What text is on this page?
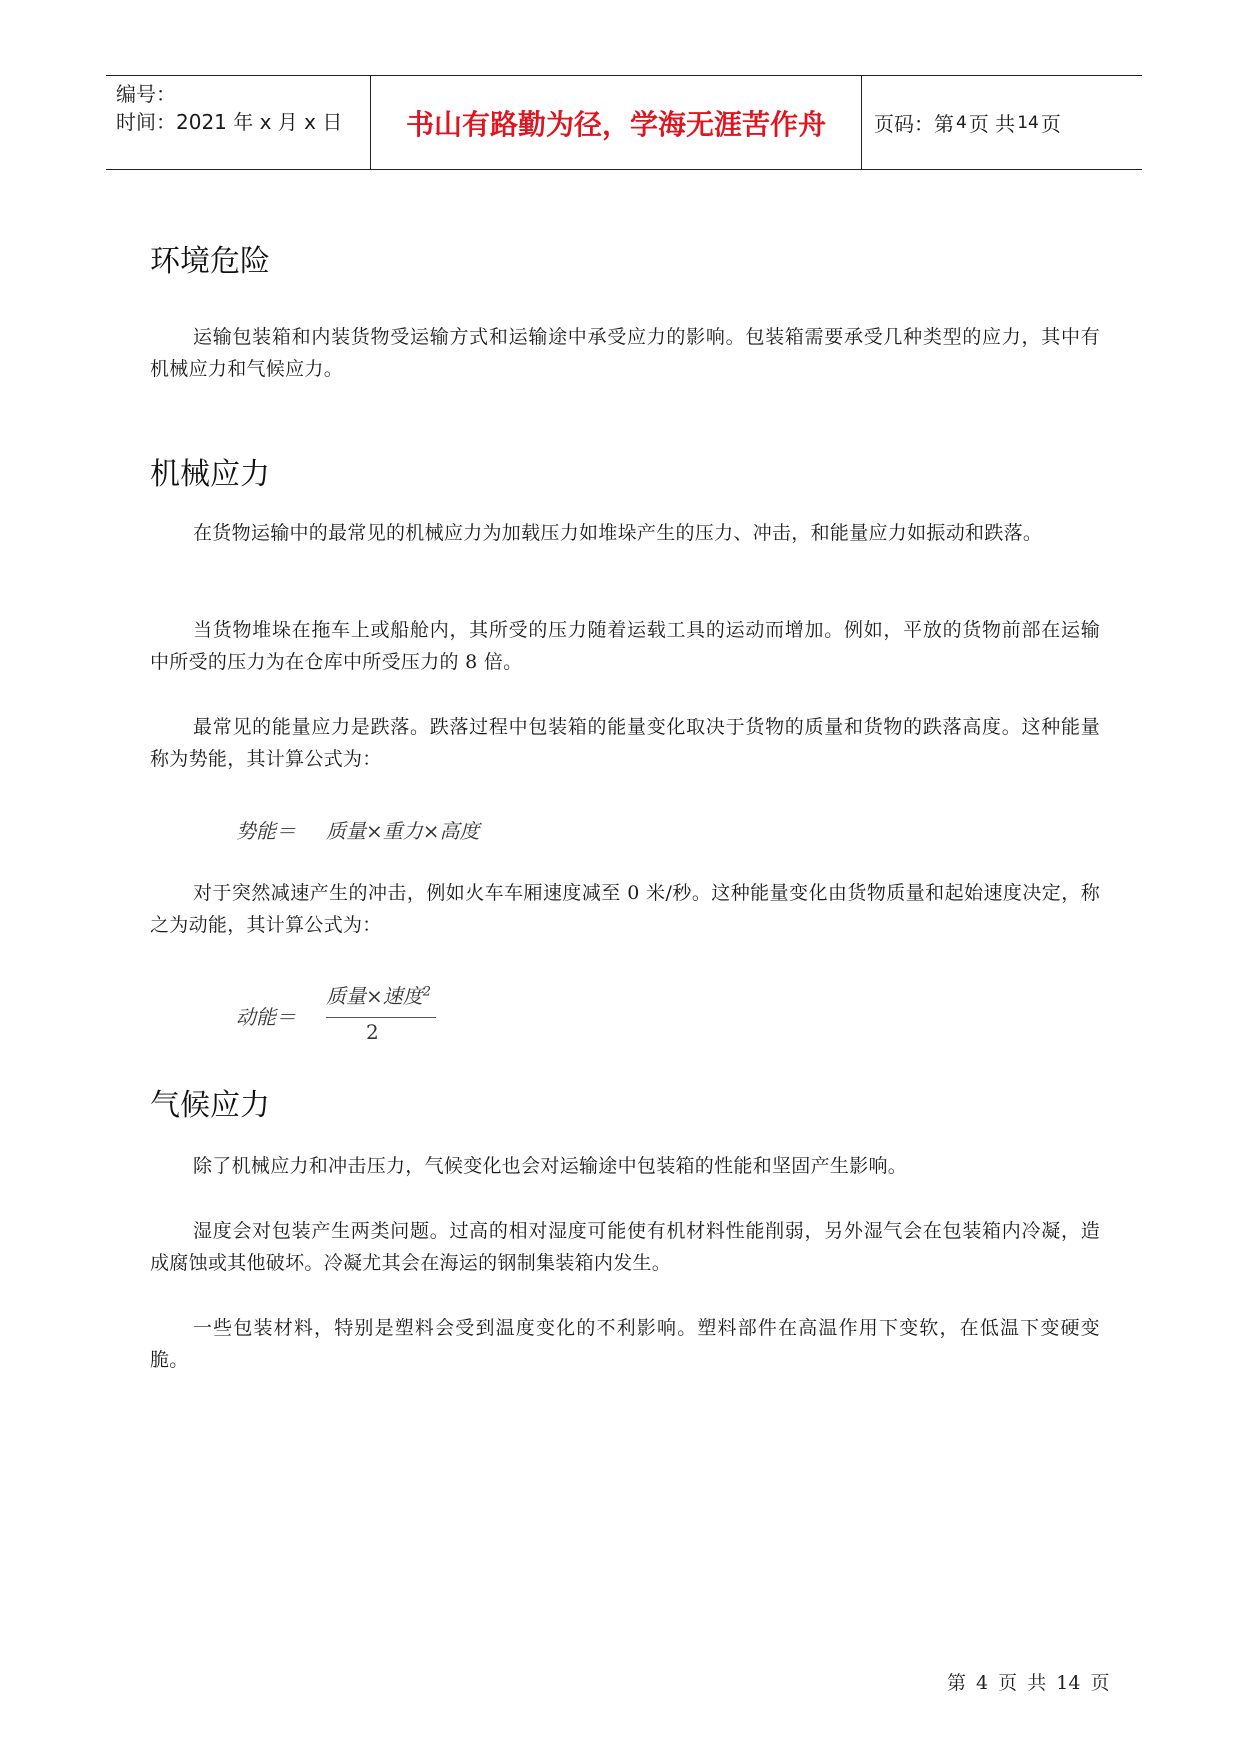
编号：
时间：2021 年 x 月 x 日	书山有路勤为径，学海无涯苦作舟	页码：第 4 页 共 14 页
环境危险

运输包装箱和内装货物受运输方式和运输途中承受应力的影响。包装箱需要承受几种类型的应力，其中有机械应力和气候应力。

机械应力

在货物运输中的最常见的机械应力为加载压力如堆垛产生的压力、冲击，和能量应力如振动和跌落。

当货物堆垛在拖车上或船舱内，其所受的压力随着运载工具的运动而增加。例如，平放的货物前部在运输中所受的压力为在仓库中所受压力的 8 倍。

最常见的能量应力是跌落。跌落过程中包装箱的能量变化取决于货物的质量和货物的跌落高度。这种能量称为势能，其计算公式为：

势能＝ 质量×重力×高度

对于突然减速产生的冲击，例如火车车厢速度减至 0 米/秒。这种能量变化由货物质量和起始速度决定，称之为动能，其计算公式为：

质量×速度$^2$
动能＝
2
气候应力

除了机械应力和冲击压力，气候变化也会对运输途中包装箱的性能和坚固产生影响。

湿度会对包装产生两类问题。过高的相对湿度可能使有机材料性能削弱，另外湿气会在包装箱内冷凝，造成腐蚀或其他破坏。冷凝尤其会在海运的钢制集装箱内发生。

一些包装材料，特别是塑料会受到温度变化的不利影响。塑料部件在高温作用下变软，在低温下变硬变脆。

第 4 页 共 14 页
